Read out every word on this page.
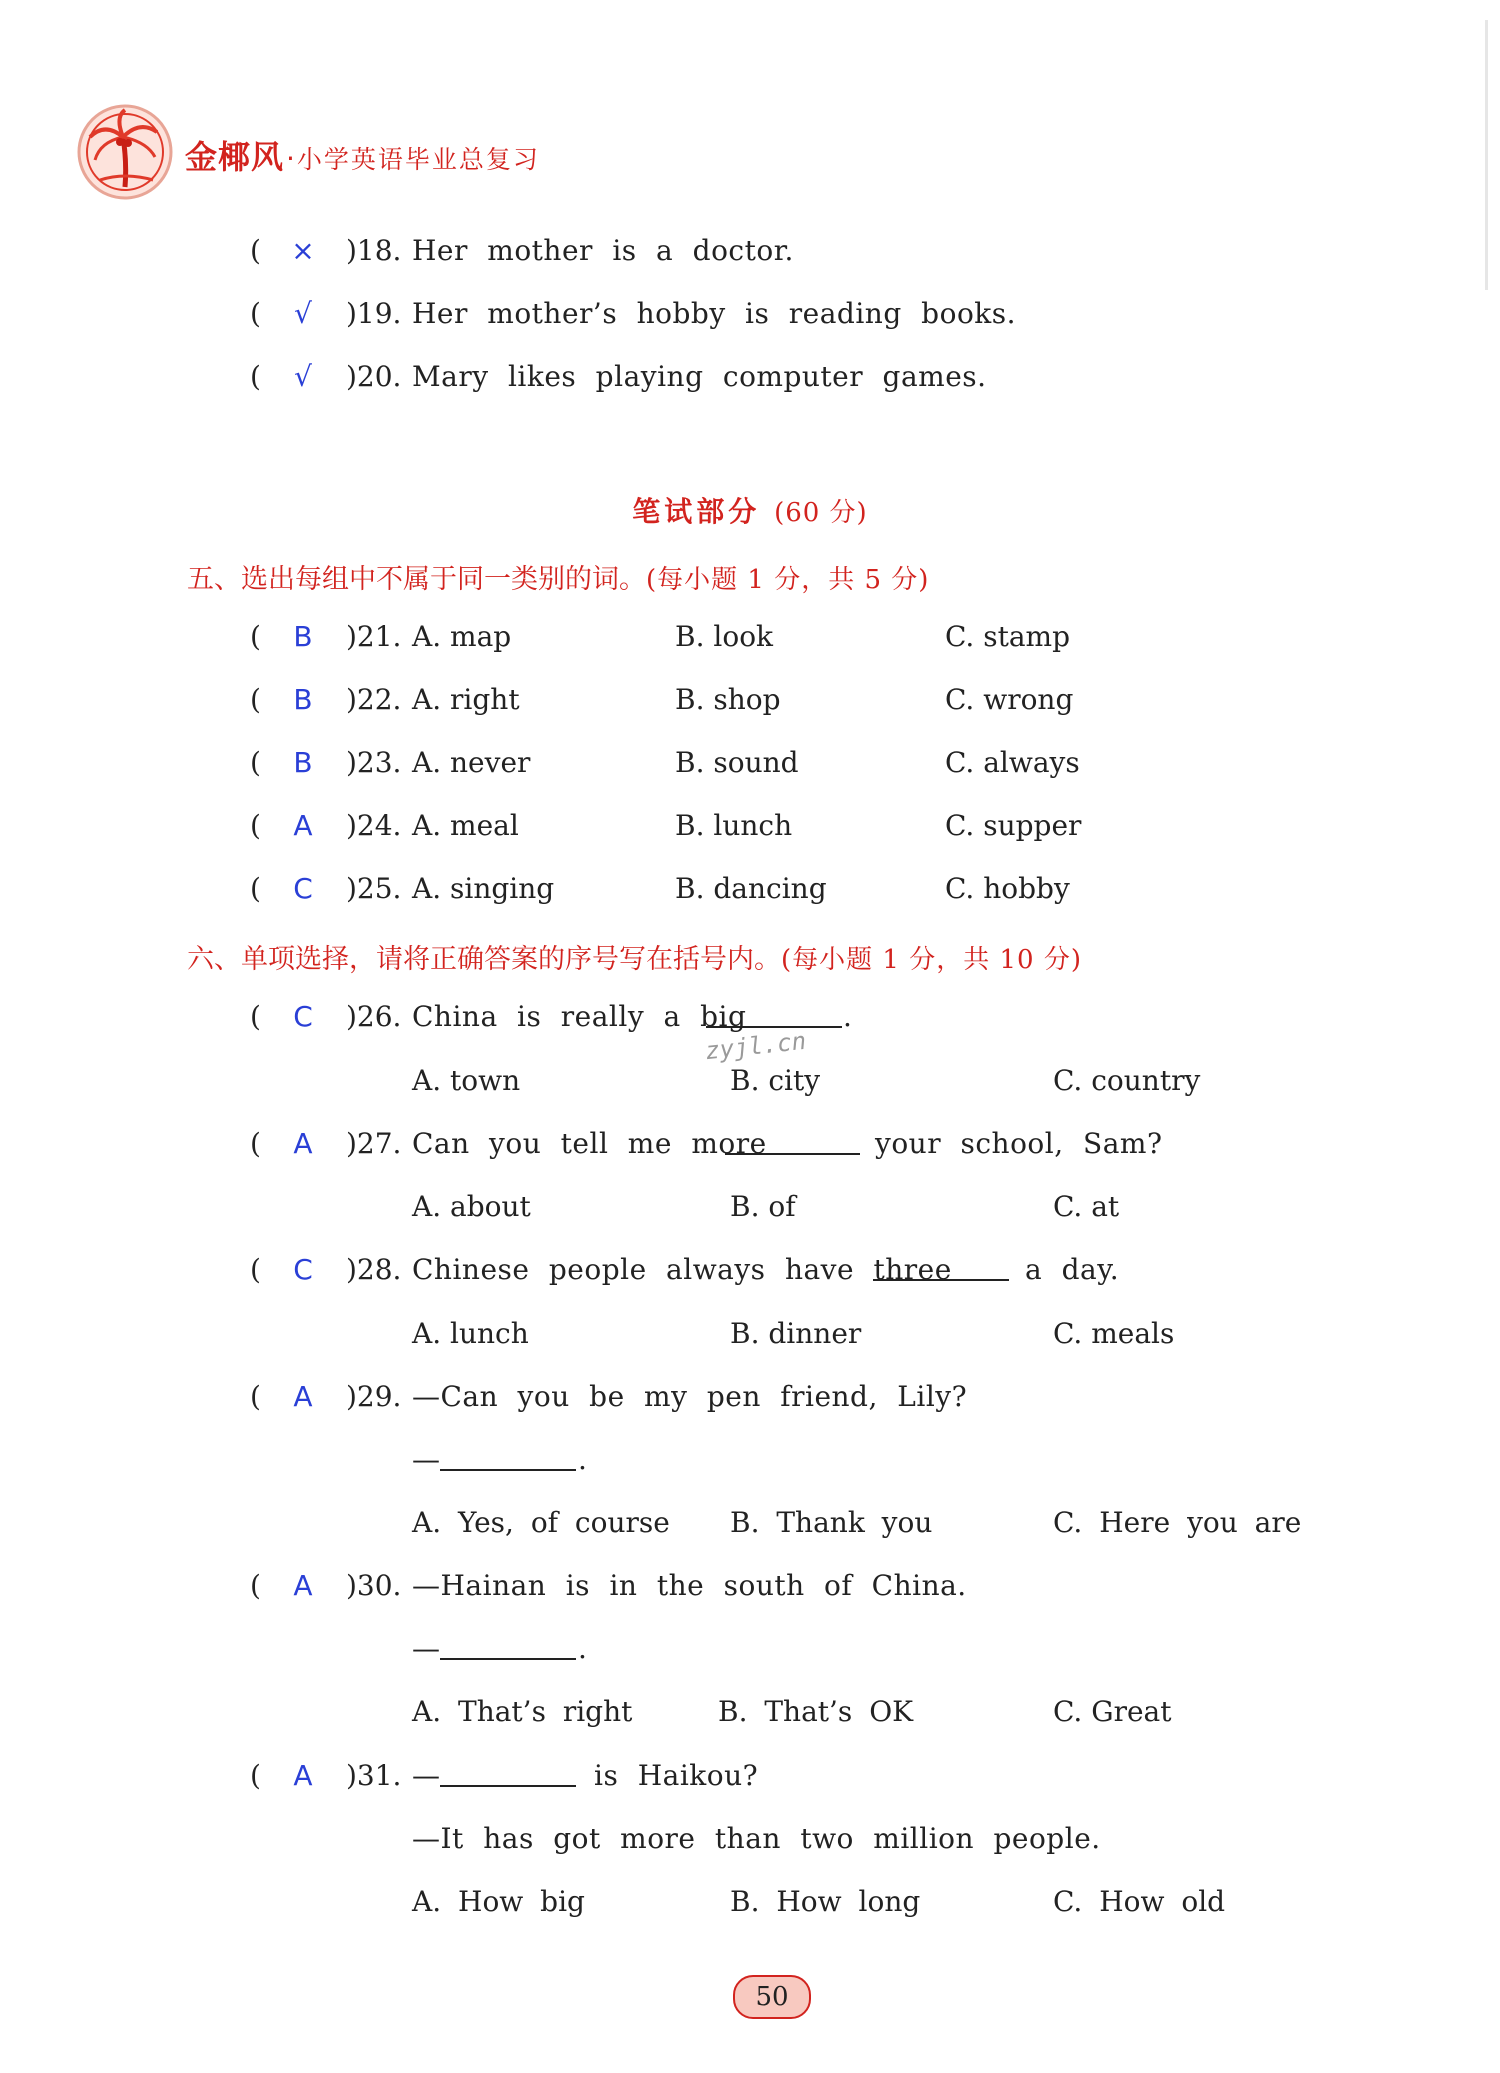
金椰风·小学英语毕业总复习
( × )18. Her mother is a doctor.
(	√	)19. Her mother’s hobby is reading books.
(	√	)20. Mary likes playing computer games.
笔试部分 (60 分)
五、选出每组中不属于同一类别的词。(每小题 1 分，共 5 分)
(	B	)21. A. map	B. look	C. stamp
(	B	)22. A. right	B. shop	C. wrong
(	B	)23. A. never	B. sound	C. always
(	A	)24. A. meal	B. lunch	C. supper
(	C	)25. A. singing	B. dancing	C. hobby
六、单项选择，请将正确答案的序号写在括号内。(每小题 1 分，共 10 分)
(	C	)26. China is really a big	.
A. town	B. city	C. country
zyjl.cn
(	A	)27. Can you tell me more	your school, Sam?
A. about	B. of	C. at
(	C	)28. Chinese people always have three	a day.
A. lunch	B. dinner	C. meals
(	A	)29. —Can you be my pen friend, Lily?
—	.
A. Yes, of course B. Thank you	C. Here you are
(	A	)30. —Hainan is in the south of China.
—	.
A. That’s right	B. That’s OK	C. Great
(	A	)31. —	is Haikou?
—It has got more than two million people.
A. How big	B. How long	C. How old
50
